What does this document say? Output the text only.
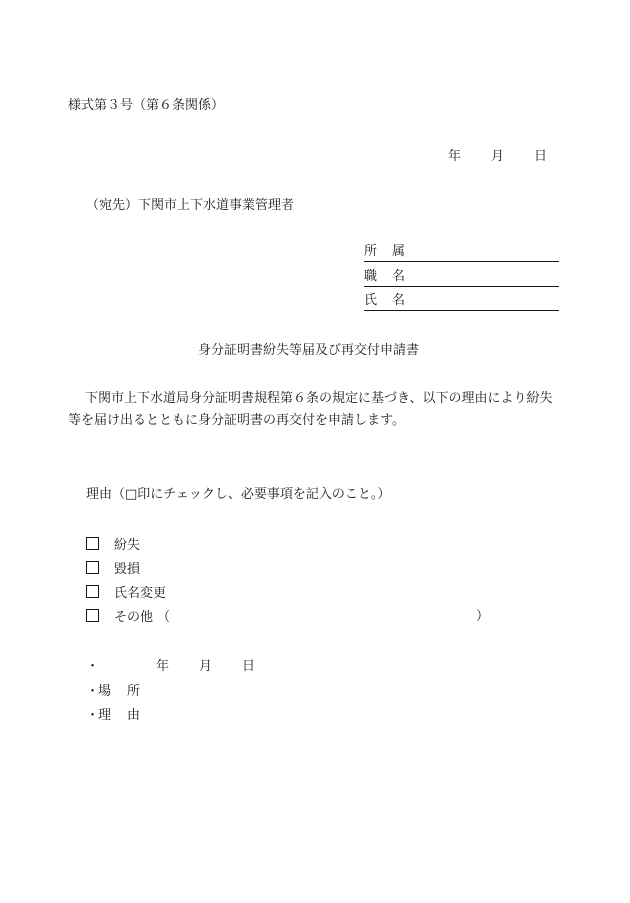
様式第３号（第６条関係）
年 月 日
（宛先）下関市上下水道事業管理者
所 属
職 名
氏 名
身分証明書紛失等届及び再交付申請書
下関市上下水道局身分証明書規程第６条の規定に基づき、以下の理由により紛失等を届け出るとともに身分証明書の再交付を申請します。
理由（□印にチェックし、必要事項を記入のこと。）
紛失
毀損
氏名変更
その他 （	）
・	年 月 日
・場 所
・理 由
